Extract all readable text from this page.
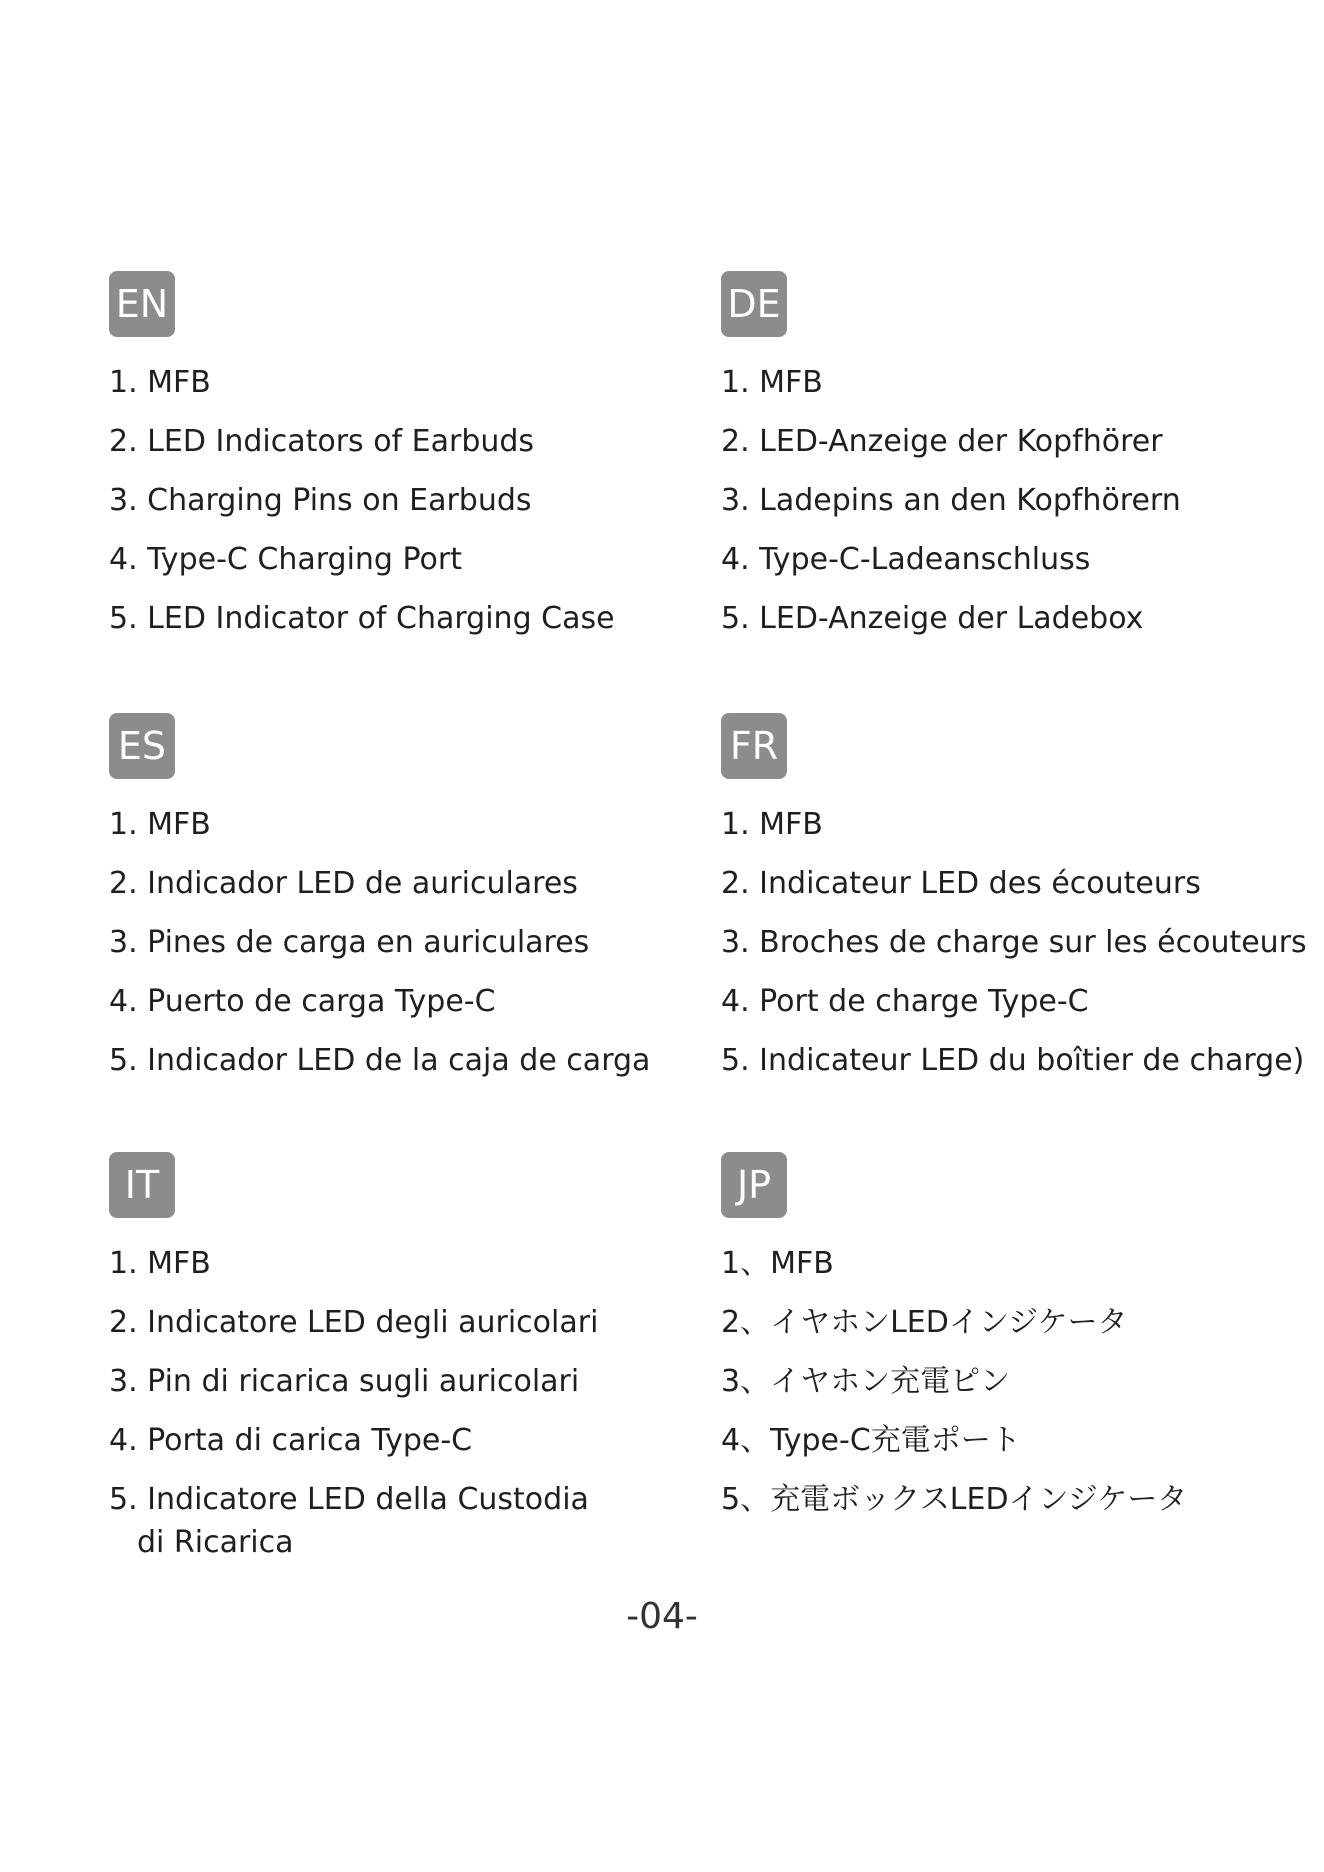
EN
1. MFB
2. LED Indicators of Earbuds
3. Charging Pins on Earbuds
4. Type-C Charging Port
5. LED Indicator of Charging Case
DE
1. MFB
2. LED-Anzeige der Kopfhörer
3. Ladepins an den Kopfhörern
4. Type-C-Ladeanschluss
5. LED-Anzeige der Ladebox
ES
1. MFB
2. Indicador LED de auriculares
3. Pines de carga en auriculares
4. Puerto de carga Type-C
5. Indicador LED de la caja de carga
FR
1. MFB
2. Indicateur LED des écouteurs
3. Broches de charge sur les écouteurs
4. Port de charge Type-C
5. Indicateur LED du boîtier de charge)
IT
1. MFB
2. Indicatore LED degli auricolari
3. Pin di ricarica sugli auricolari
4. Porta di carica Type-C
5. Indicatore LED della Custodia
di Ricarica
JP
1、MFB
2、イヤホンLEDインジケータ
3、イヤホン充電ピン
4、Type-C充電ポート
5、充電ボックスLEDインジケータ
-04-
